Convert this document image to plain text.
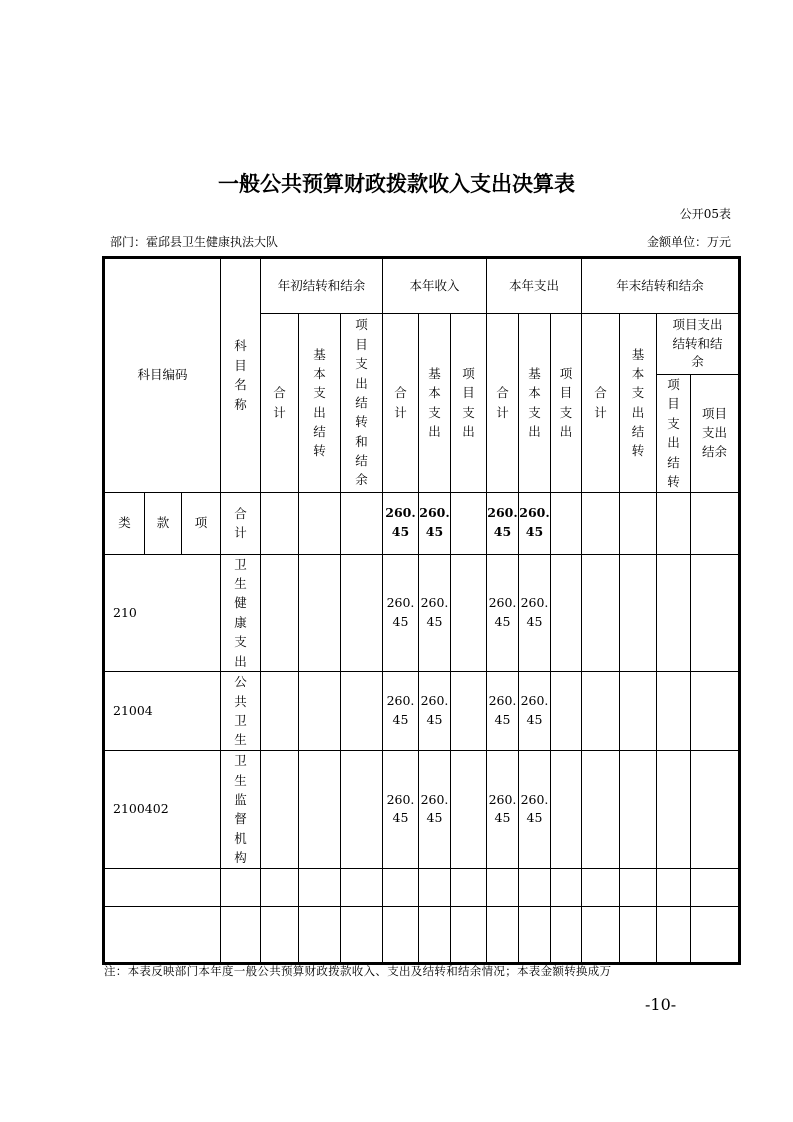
一般公共预算财政拨款收入支出决算表
公开05表
部门：霍邱县卫生健康执法大队	金额单位：万元
科目编码			科目名称	年初结转和结余			本年收入			本年支出			年末结转和结余			
				合计	基本支出结转	项目支出结转和结余	合计	基本支出	项目支出	合计	基本支出	项目支出	合计	基本支出结转	项目支出结转和结余	
															项目支出结转	项目支出结余
类	款	项	合计				260.45	260.45		260.45	260.45					
210			卫生健康支出				260.45	260.45		260.45	260.45					
21004			公共卫生				260.45	260.45		260.45	260.45					
2100402			卫生监督机构				260.45	260.45		260.45	260.45					

注：本表反映部门本年度一般公共预算财政拨款收入、支出及结转和结余情况；本表金额转换成万
-10-
